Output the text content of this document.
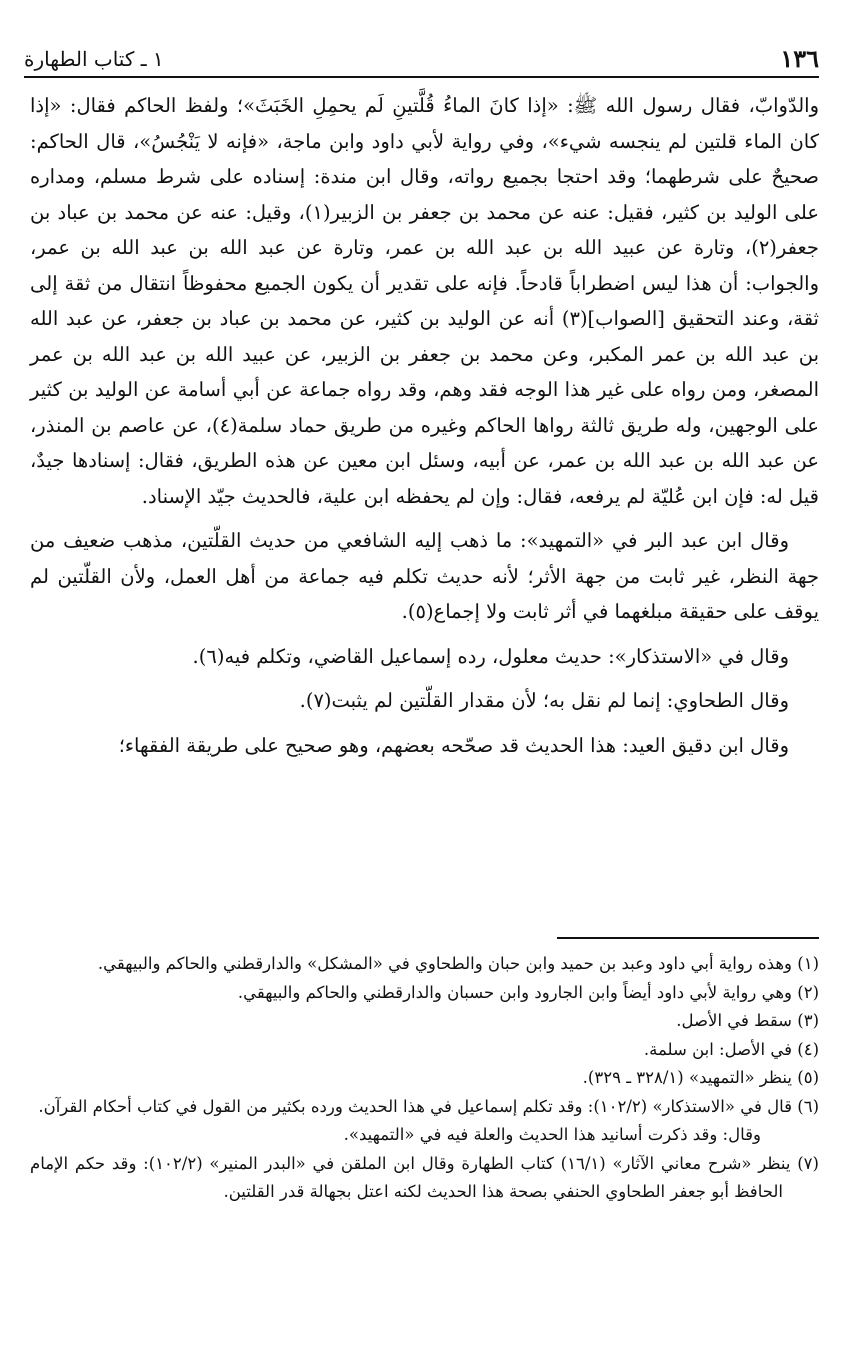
١٣٦
١ ـ كتاب الطهارة

والدّوابّ، فقال رسول الله ﷺ: «إذا كانَ الماءُ قُلَّتينِ لَم يحمِلِ الخَبَثَ»؛ ولفظ الحاكم فقال: «إذا كان الماء قلتين لم ينجسه شيء»، وفي رواية لأبي داود وابن ماجة، «فإنه لا يَنْجُسُ»، قال الحاكم: صحيحٌ على شرطهما؛ وقد احتجا بجميع رواته، وقال ابن مندة: إسناده على شرط مسلم، ومداره على الوليد بن كثير، فقيل: عنه عن محمد بن جعفر بن الزبير(١)، وقيل: عنه عن محمد بن عباد بن جعفر(٢)، وتارة عن عبيد الله بن عبد الله بن عمر، وتارة عن عبد الله بن عبد الله بن عمر، والجواب: أن هذا ليس اضطراباً قادحاً. فإنه على تقدير أن يكون الجميع محفوظاً انتقال من ثقة إلى ثقة، وعند التحقيق [الصواب](٣) أنه عن الوليد بن كثير، عن محمد بن عباد بن جعفر، عن عبد الله بن عبد الله بن عمر المكبر، وعن محمد بن جعفر بن الزبير، عن عبيد الله بن عبد الله بن عمر المصغر، ومن رواه على غير هذا الوجه فقد وهم، وقد رواه جماعة عن أبي أسامة عن الوليد بن كثير على الوجهين، وله طريق ثالثة رواها الحاكم وغيره من طريق حماد سلمة(٤)، عن عاصم بن المنذر، عن عبد الله بن عبد الله بن عمر، عن أبيه، وسئل ابن معين عن هذه الطريق، فقال: إسنادها جيدٌ، قيل له: فإن ابن عُليّة لم يرفعه، فقال: وإن لم يحفظه ابن علية، فالحديث جيّد الإسناد.

وقال ابن عبد البر في «التمهيد»: ما ذهب إليه الشافعي من حديث القلّتين، مذهب ضعيف من جهة النظر، غير ثابت من جهة الأثر؛ لأنه حديث تكلم فيه جماعة من أهل العمل، ولأن القلّتين لم يوقف على حقيقة مبلغهما في أثر ثابت ولا إجماع(٥).

وقال في «الاستذكار»: حديث معلول، رده إسماعيل القاضي، وتكلم فيه(٦).

وقال الطحاوي: إنما لم نقل به؛ لأن مقدار القلّتين لم يثبت(٧).

وقال ابن دقيق العيد: هذا الحديث قد صحّحه بعضهم، وهو صحيح على طريقة الفقهاء؛

(١) وهذه رواية أبي داود وعبد بن حميد وابن حبان والطحاوي في «المشكل» والدارقطني والحاكم والبيهقي.

(٢) وهي رواية لأبي داود أيضاً وابن الجارود وابن حسبان والدارقطني والحاكم والبيهقي.

(٣) سقط في الأصل.

(٤) في الأصل: ابن سلمة.

(٥) ينظر «التمهيد» (٣٢٨/١ ـ ٣٢٩).

(٦) قال في «الاستذكار» (١٠٢/٢): وقد تكلم إسماعيل في هذا الحديث ورده بكثير من القول في كتاب أحكام القرآن.

وقال: وقد ذكرت أسانيد هذا الحديث والعلة فيه في «التمهيد».

(٧) ينظر «شرح معاني الآثار» (١٦/١) كتاب الطهارة وقال ابن الملقن في «البدر المنير» (١٠٢/٢): وقد حكم الإمام الحافظ أبو جعفر الطحاوي الحنفي بصحة هذا الحديث لكنه اعتل بجهالة قدر القلتين.
